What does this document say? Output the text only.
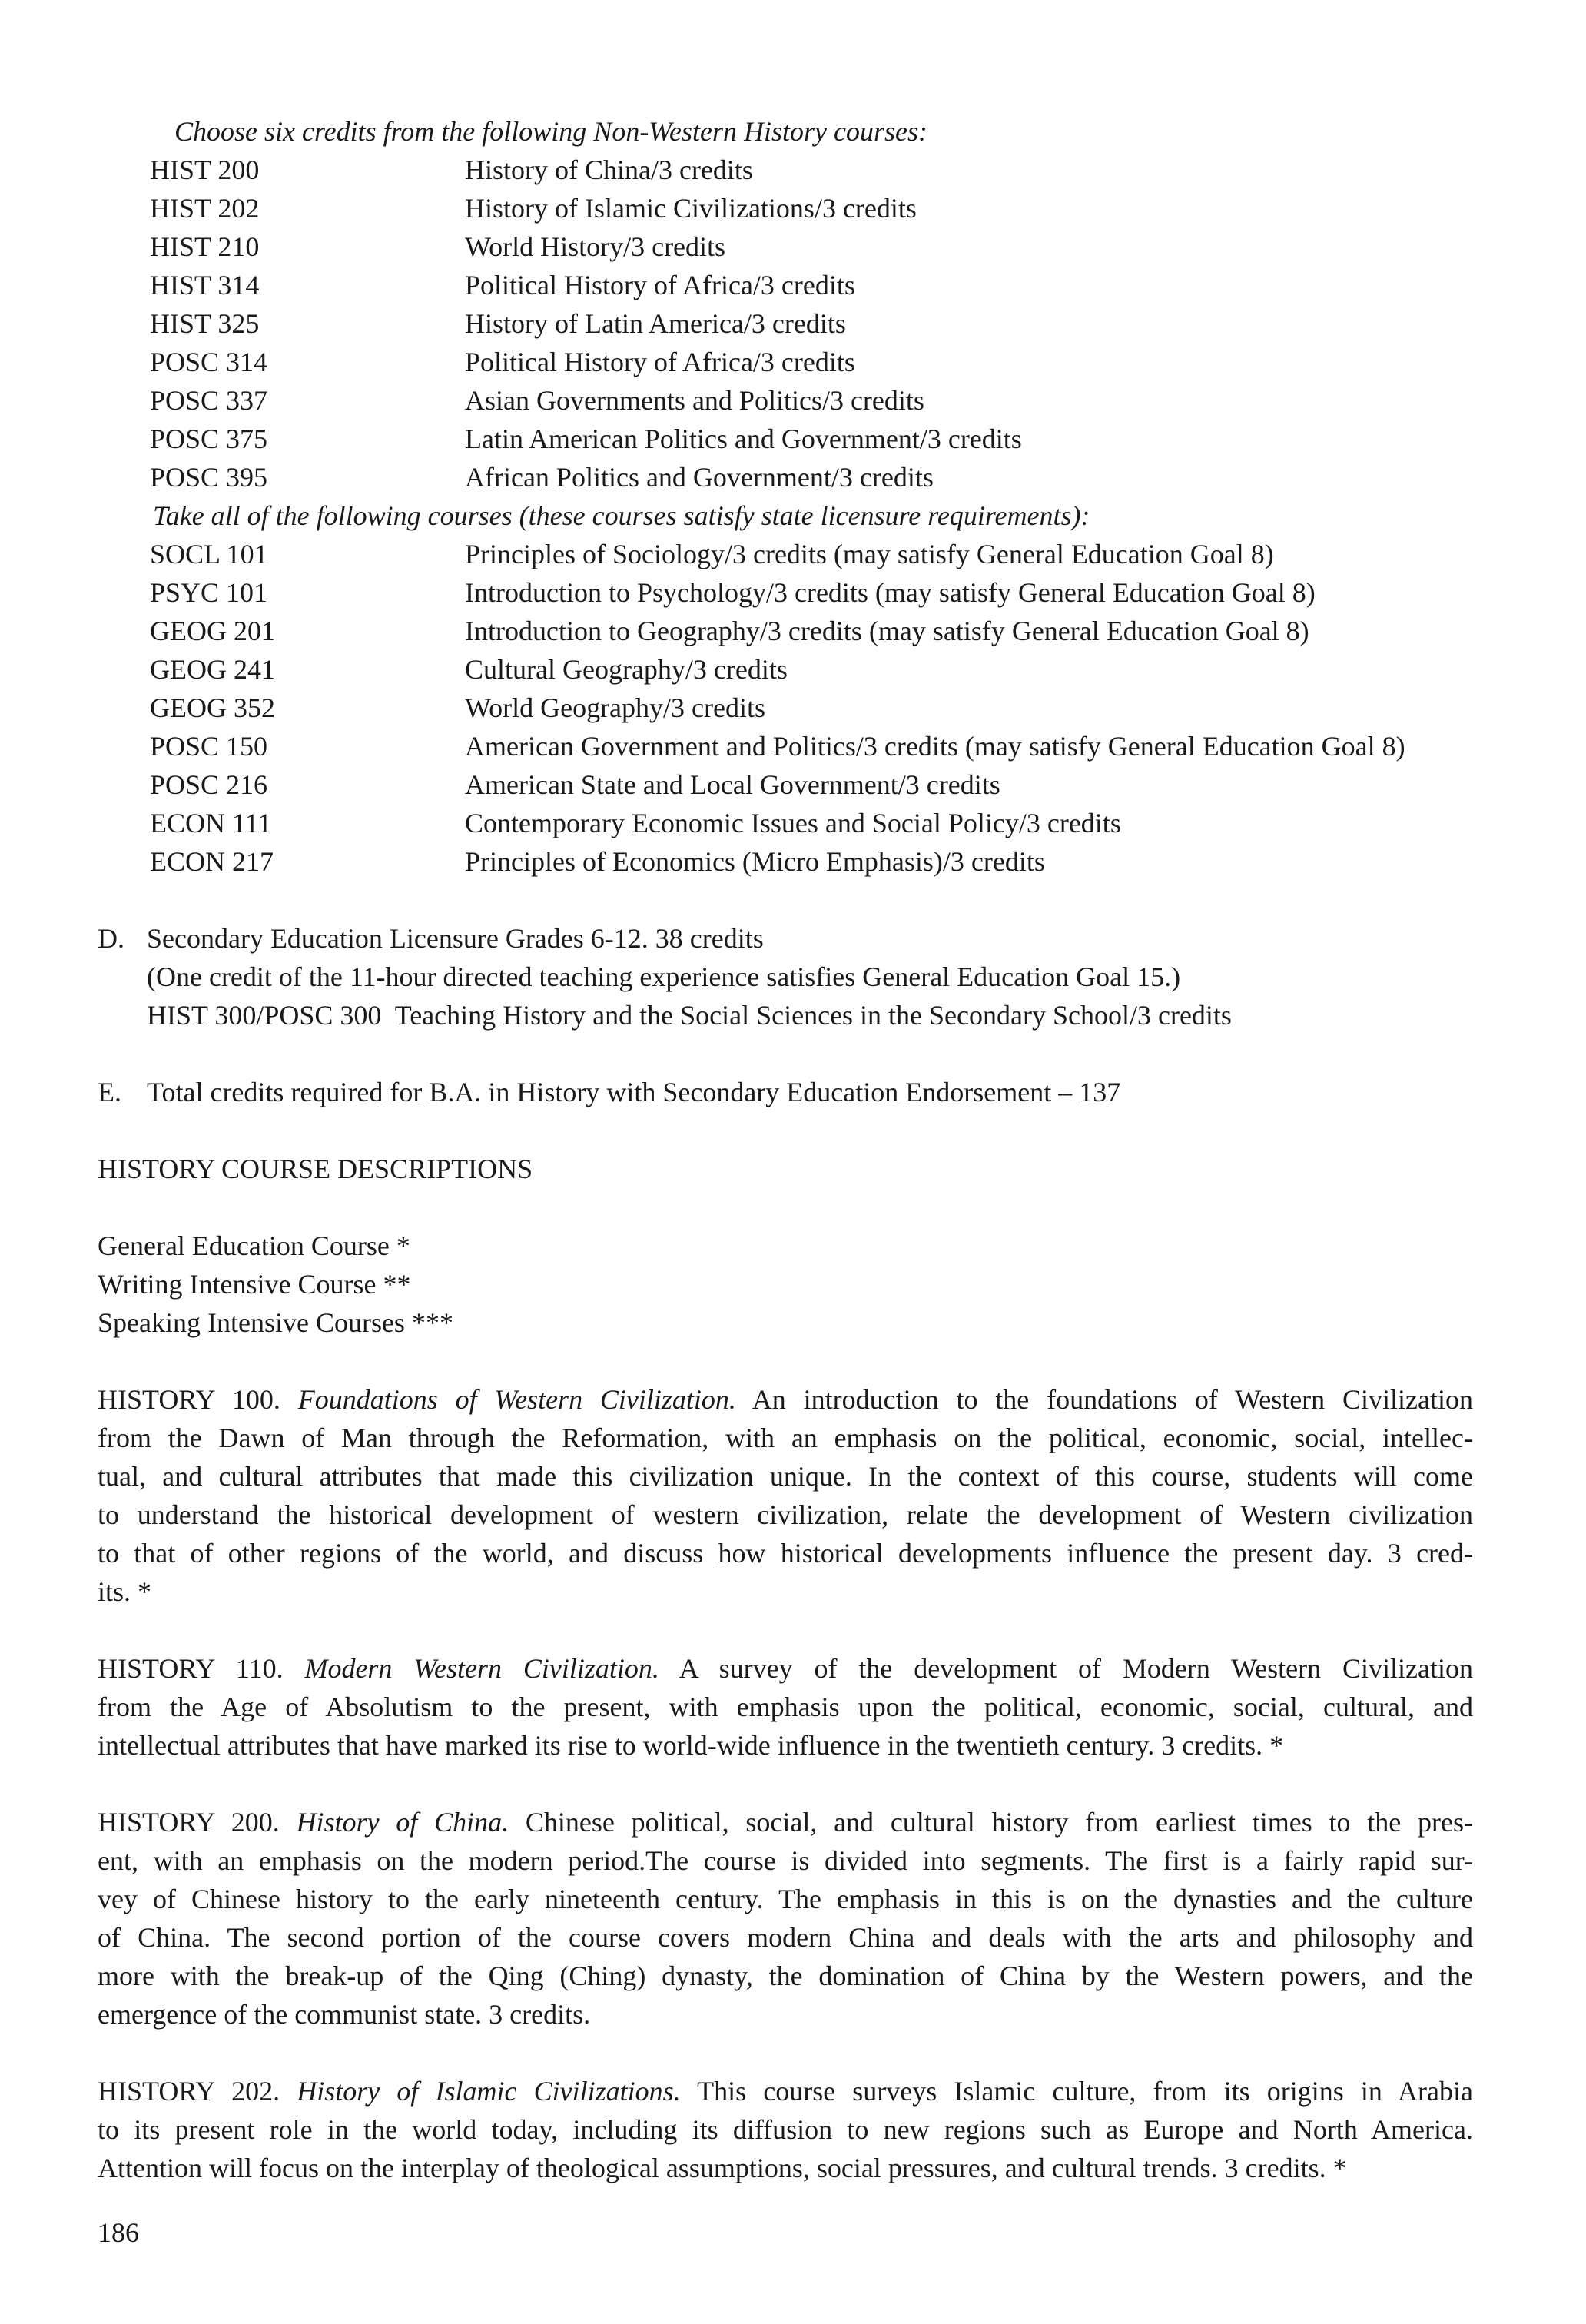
Choose six credits from the following Non-Western History courses:
HIST 200	History of China/3 credits
HIST 202	History of Islamic Civilizations/3 credits
HIST 210	World History/3 credits
HIST 314	Political History of Africa/3 credits
HIST 325	History of Latin America/3 credits
POSC 314	Political History of Africa/3 credits
POSC 337	Asian Governments and Politics/3 credits
POSC 375	Latin American Politics and Government/3 credits
POSC 395	African Politics and Government/3 credits
Take all of the following courses (these courses satisfy state licensure requirements):
SOCL 101	Principles of Sociology/3 credits (may satisfy General Education Goal 8)
PSYC 101	Introduction to Psychology/3 credits (may satisfy General Education Goal 8)
GEOG 201	Introduction to Geography/3 credits (may satisfy General Education Goal 8)
GEOG 241	Cultural Geography/3 credits
GEOG 352	World Geography/3 credits
POSC 150	American Government and Politics/3 credits (may satisfy General Education Goal 8)
POSC 216	American State and Local Government/3 credits
ECON 111	Contemporary Economic Issues and Social Policy/3 credits
ECON 217	Principles of Economics (Micro Emphasis)/3 credits
D. Secondary Education Licensure Grades 6-12. 38 credits
(One credit of the 11-hour directed teaching experience satisfies General Education Goal 15.)
HIST 300/POSC 300  Teaching History and the Social Sciences in the Secondary School/3 credits
E. Total credits required for B.A. in History with Secondary Education Endorsement – 137
HISTORY COURSE DESCRIPTIONS
General Education Course *
Writing Intensive Course **
Speaking Intensive Courses ***
HISTORY 100. Foundations of Western Civilization. An introduction to the foundations of Western Civilization
from the Dawn of Man through the Reformation, with an emphasis on the political, economic, social, intellec-
tual, and cultural attributes that made this civilization unique. In the context of this course, students will come
to understand the historical development of western civilization, relate the development of Western civilization
to that of other regions of the world, and discuss how historical developments influence the present day. 3 cred-
its. *
HISTORY 110. Modern Western Civilization. A survey of the development of Modern Western Civilization
from the Age of Absolutism to the present, with emphasis upon the political, economic, social, cultural, and
intellectual attributes that have marked its rise to world-wide influence in the twentieth century. 3 credits. *
HISTORY 200. History of China. Chinese political, social, and cultural history from earliest times to the pres-
ent, with an emphasis on the modern period.The course is divided into segments. The first is a fairly rapid sur-
vey of Chinese history to the early nineteenth century. The emphasis in this is on the dynasties and the culture
of China. The second portion of the course covers modern China and deals with the arts and philosophy and
more with the break-up of the Qing (Ching) dynasty, the domination of China by the Western powers, and the
emergence of the communist state. 3 credits.
HISTORY 202. History of Islamic Civilizations. This course surveys Islamic culture, from its origins in Arabia
to its present role in the world today, including its diffusion to new regions such as Europe and North America.
Attention will focus on the interplay of theological assumptions, social pressures, and cultural trends. 3 credits. *
186
